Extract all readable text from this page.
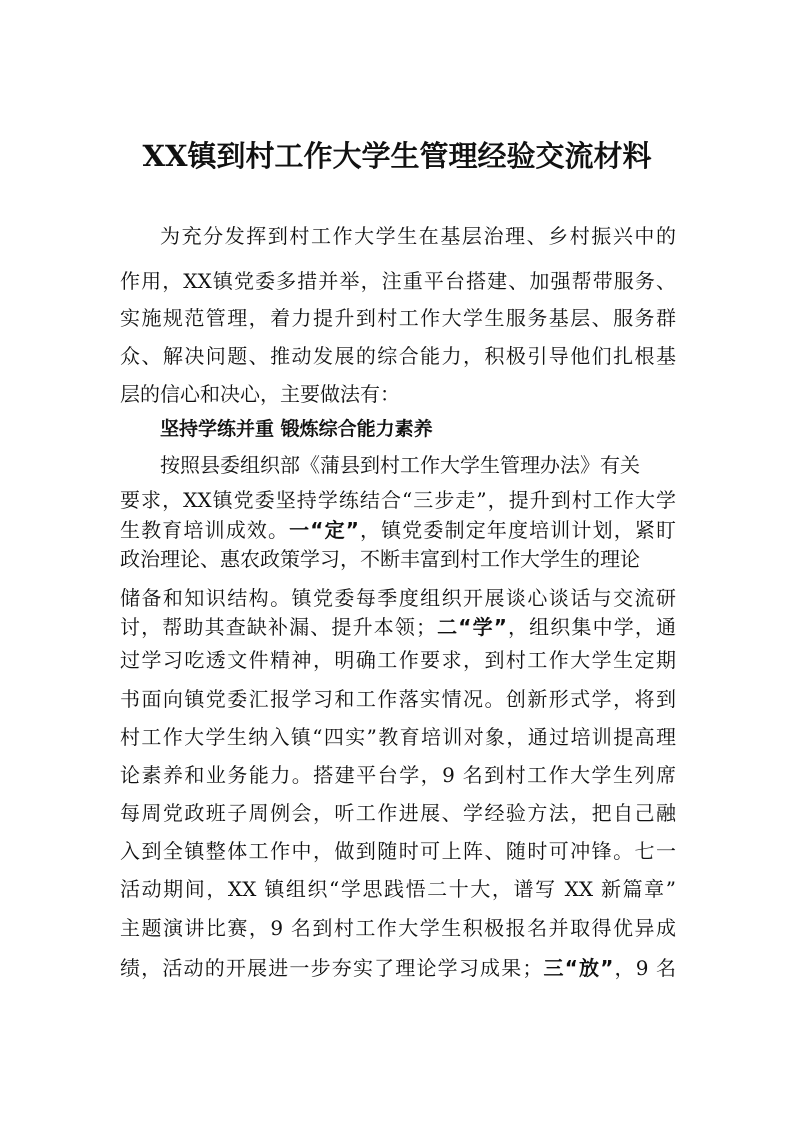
XX镇到村工作大学生管理经验交流材料
为充分发挥到村工作大学生在基层治理、乡村振兴中的
作用，XX镇党委多措并举，注重平台搭建、加强帮带服务、
实施规范管理，着力提升到村工作大学生服务基层、服务群
众、解决问题、推动发展的综合能力，积极引导他们扎根基
层的信心和决心，主要做法有：
坚持学练并重 锻炼综合能力素养
按照县委组织部《蒲县到村工作大学生管理办法》有关
要求，XX镇党委坚持学练结合“三步走”，提升到村工作大学
生教育培训成效。一“定”，镇党委制定年度培训计划，紧盯
政治理论、惠农政策学习，不断丰富到村工作大学生的理论
储备和知识结构。镇党委每季度组织开展谈心谈话与交流研
讨，帮助其查缺补漏、提升本领；二“学”，组织集中学，通
过学习吃透文件精神，明确工作要求，到村工作大学生定期
书面向镇党委汇报学习和工作落实情况。创新形式学，将到
村工作大学生纳入镇“四实”教育培训对象，通过培训提高理
论素养和业务能力。搭建平台学，9 名到村工作大学生列席
每周党政班子周例会，听工作进展、学经验方法，把自己融
入到全镇整体工作中，做到随时可上阵、随时可冲锋。七一
活动期间，XX 镇组织“学思践悟二十大，谱写 XX 新篇章”
主题演讲比赛，9 名到村工作大学生积极报名并取得优异成
绩，活动的开展进一步夯实了理论学习成果；三“放”，9 名
